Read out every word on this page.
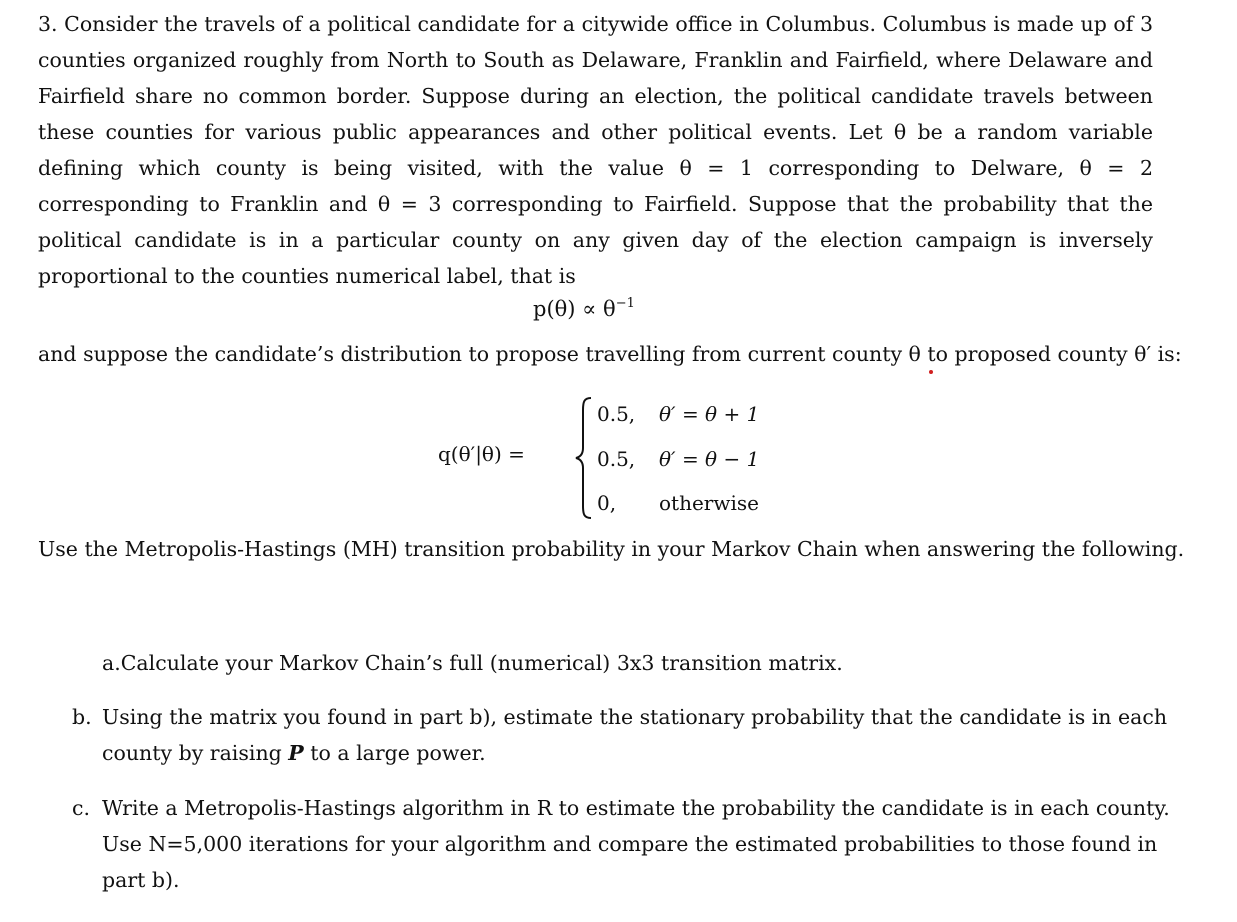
3. Consider the travels of a political candidate for a citywide office in Columbus. Columbus is made up of 3 counties organized roughly from North to South as Delaware, Franklin and Fairfield, where Delaware and Fairfield share no common border. Suppose during an election, the political candidate travels between these counties for various public appearances and other political events. Let θ be a random variable defining which county is being visited, with the value θ = 1 corresponding to Delware, θ = 2 corresponding to Franklin and θ = 3 corresponding to Fairfield. Suppose that the probability that the political candidate is in a particular county on any given day of the election campaign is inversely proportional to the counties numerical label, that is

$p(\theta) \propto \theta^{-1}$
and suppose the candidate’s distribution to propose travelling from current county θ to proposed county θ′ is:
q(θ′|θ) =
0.5, θ′ = θ + 1
0.5, θ′ = θ − 1
0, otherwise
Use the Metropolis-Hastings (MH) transition probability in your Markov Chain when answering the following.
a.Calculate your Markov Chain’s full (numerical) 3x3 transition matrix.
b. Using the matrix you found in part b), estimate the stationary probability that the candidate is in each county by raising P to a large power.
c. Write a Metropolis-Hastings algorithm in R to estimate the probability the candidate is in each county. Use N=5,000 iterations for your algorithm and compare the estimated probabilities to those found in part b).
